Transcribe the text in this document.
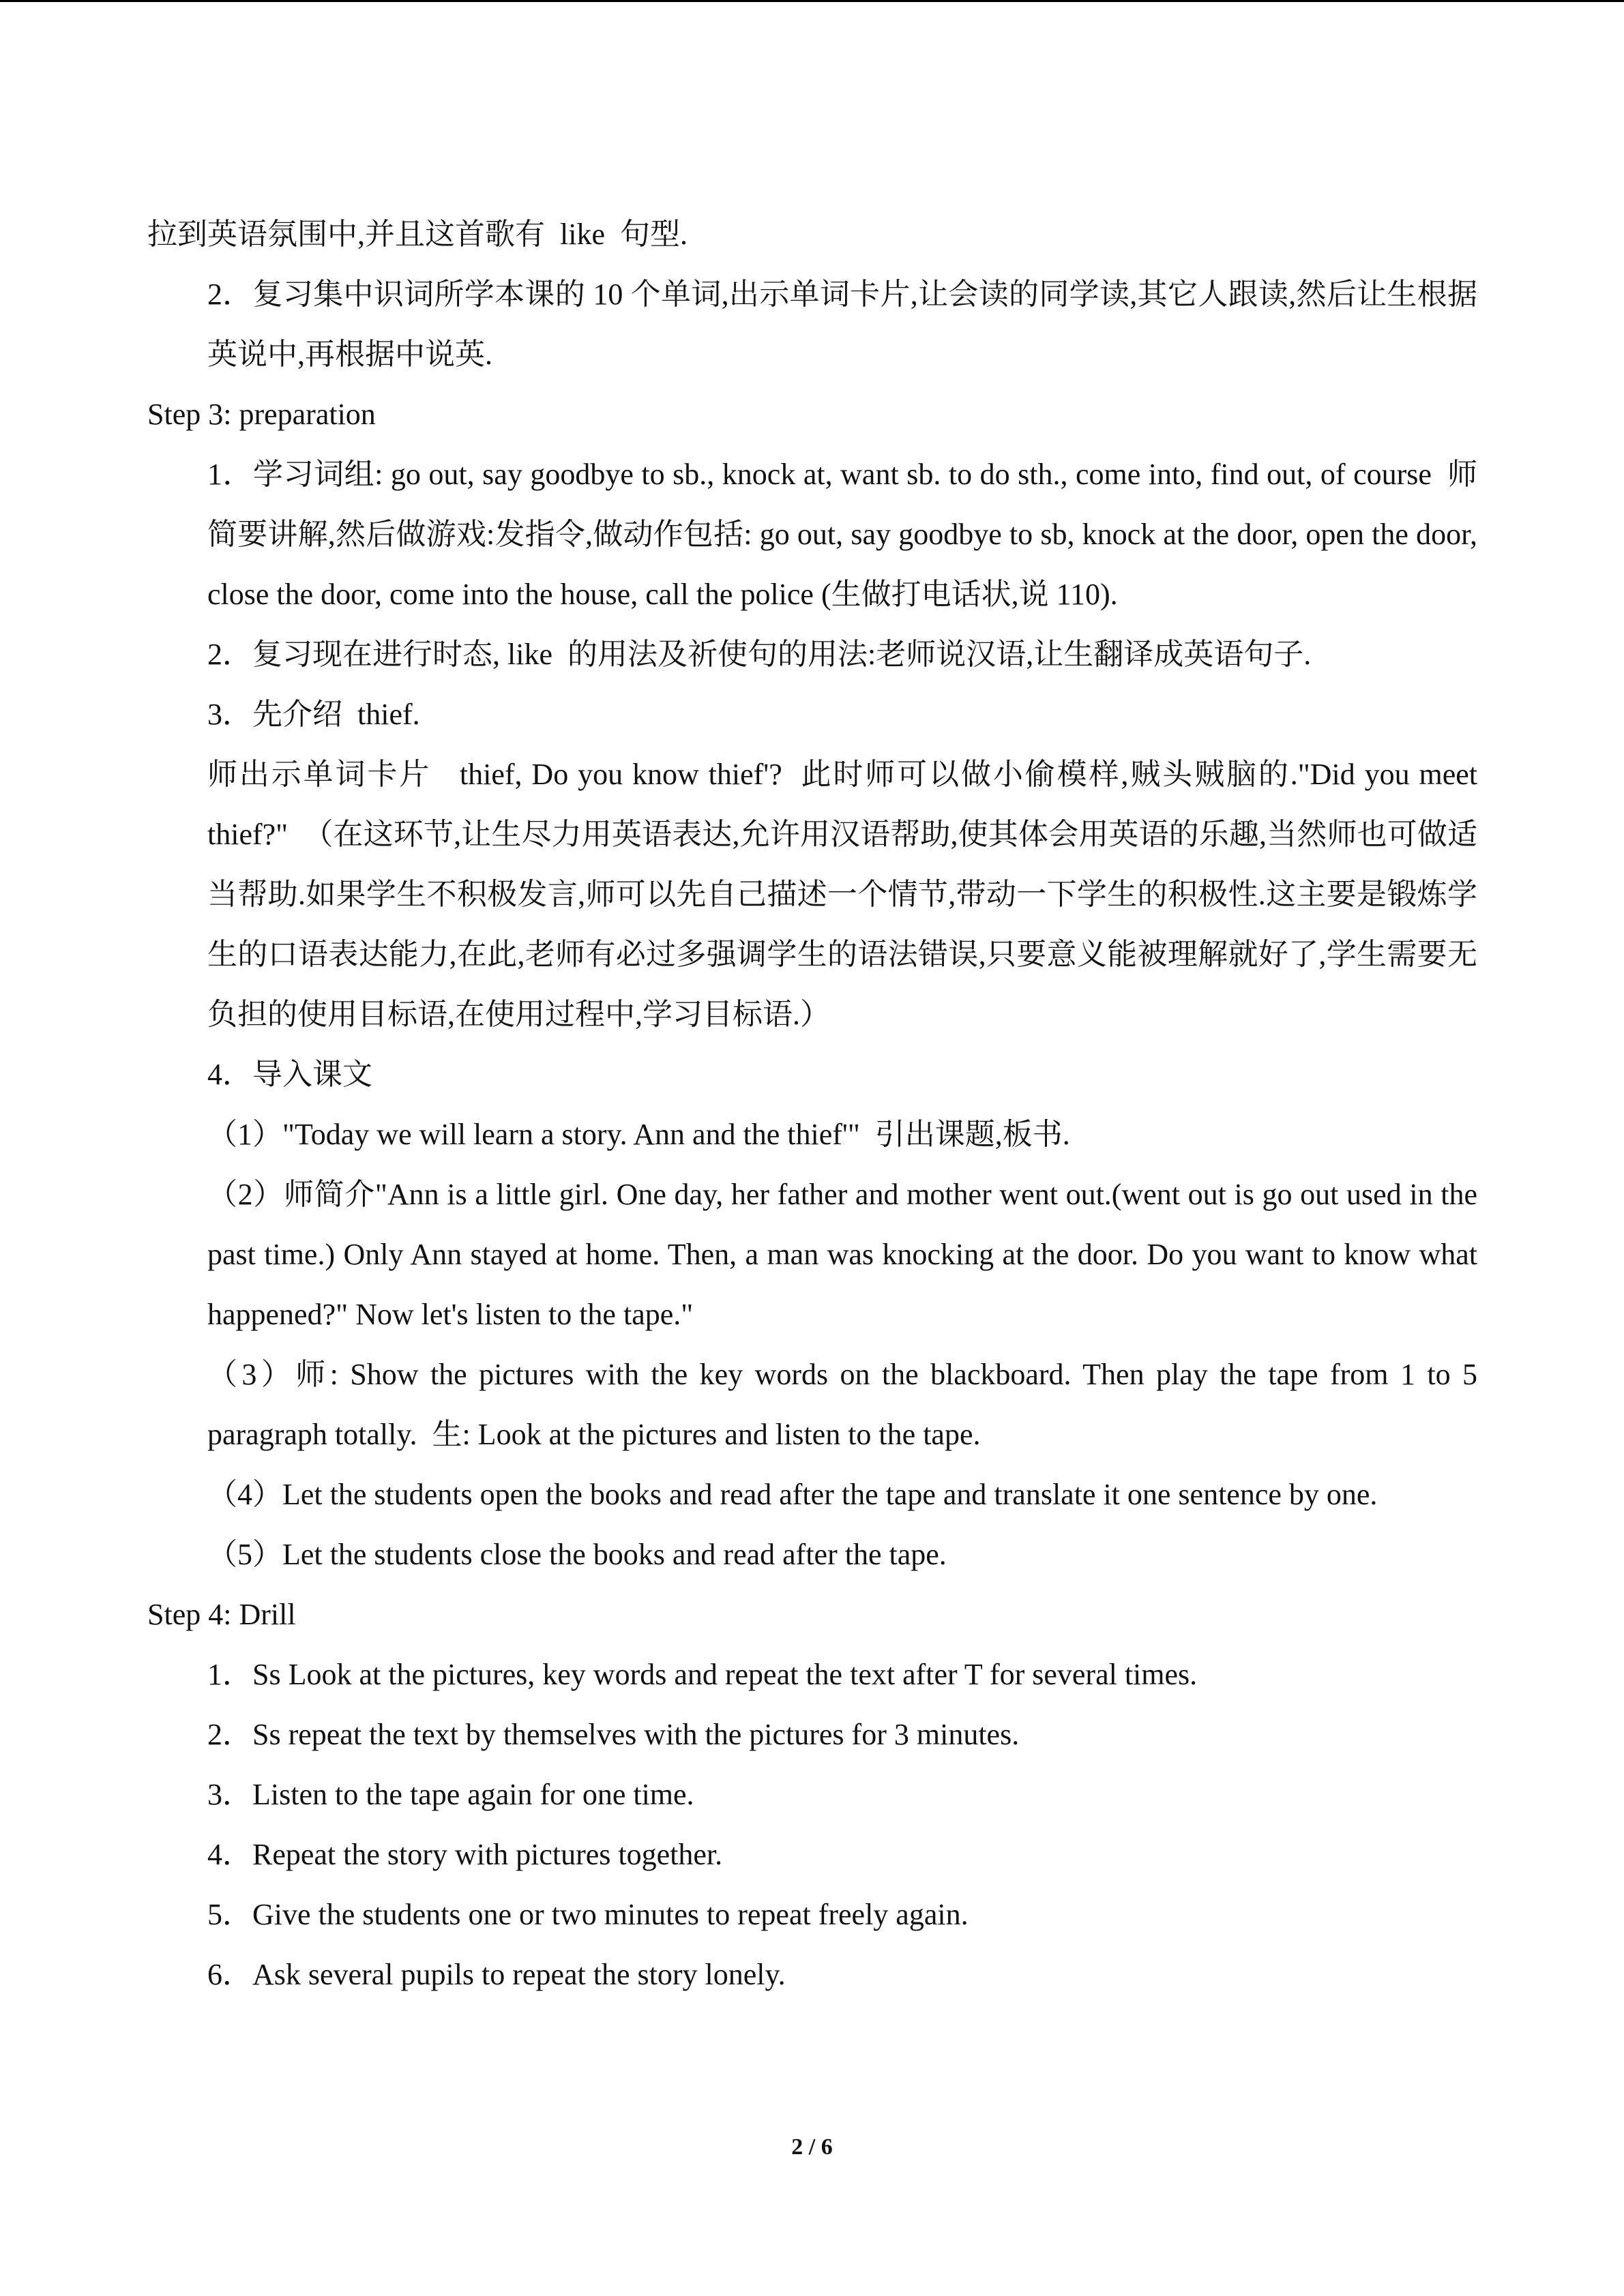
拉到英语氛围中,并且这首歌有  like  句型.

2．复习集中识词所学本课的 10 个单词,出示单词卡片,让会读的同学读,其它人跟读,然后让生根据英说中,再根据中说英.

Step 3: preparation

1．学习词组: go out, say goodbye to sb., knock at, want sb. to do sth., come into, find out, of course  师简要讲解,然后做游戏:发指令,做动作包括: go out, say goodbye to sb, knock at the door, open the door, close the door, come into the house, call the police (生做打电话状,说 110).

2．复习现在进行时态, like  的用法及祈使句的用法:老师说汉语,让生翻译成英语句子.

3．先介绍  thief.

师出示单词卡片   thief, Do you know thief'?  此时师可以做小偷模样,贼头贼脑的."Did you meet thief?"  （在这环节,让生尽力用英语表达,允许用汉语帮助,使其体会用英语的乐趣,当然师也可做适当帮助.如果学生不积极发言,师可以先自己描述一个情节,带动一下学生的积极性.这主要是锻炼学生的口语表达能力,在此,老师有必过多强调学生的语法错误,只要意义能被理解就好了,学生需要无负担的使用目标语,在使用过程中,学习目标语.）

4．导入课文

（1）"Today we will learn a story. Ann and the thief'"  引出课题,板书.

（2）师简介"Ann is a little girl. One day, her father and mother went out.(went out is go out used in the past time.) Only Ann stayed at home. Then, a man was knocking at the door. Do you want to know what happened?" Now let's listen to the tape."

（3）师: Show the pictures with the key words on the blackboard. Then play the tape from 1 to 5 paragraph totally.  生: Look at the pictures and listen to the tape.

（4）Let the students open the books and read after the tape and translate it one sentence by one.

（5）Let the students close the books and read after the tape.

Step 4: Drill

1．Ss Look at the pictures, key words and repeat the text after T for several times.

2．Ss repeat the text by themselves with the pictures for 3 minutes.

3．Listen to the tape again for one time.

4．Repeat the story with pictures together.

5．Give the students one or two minutes to repeat freely again.

6．Ask several pupils to repeat the story lonely.

2 / 6
